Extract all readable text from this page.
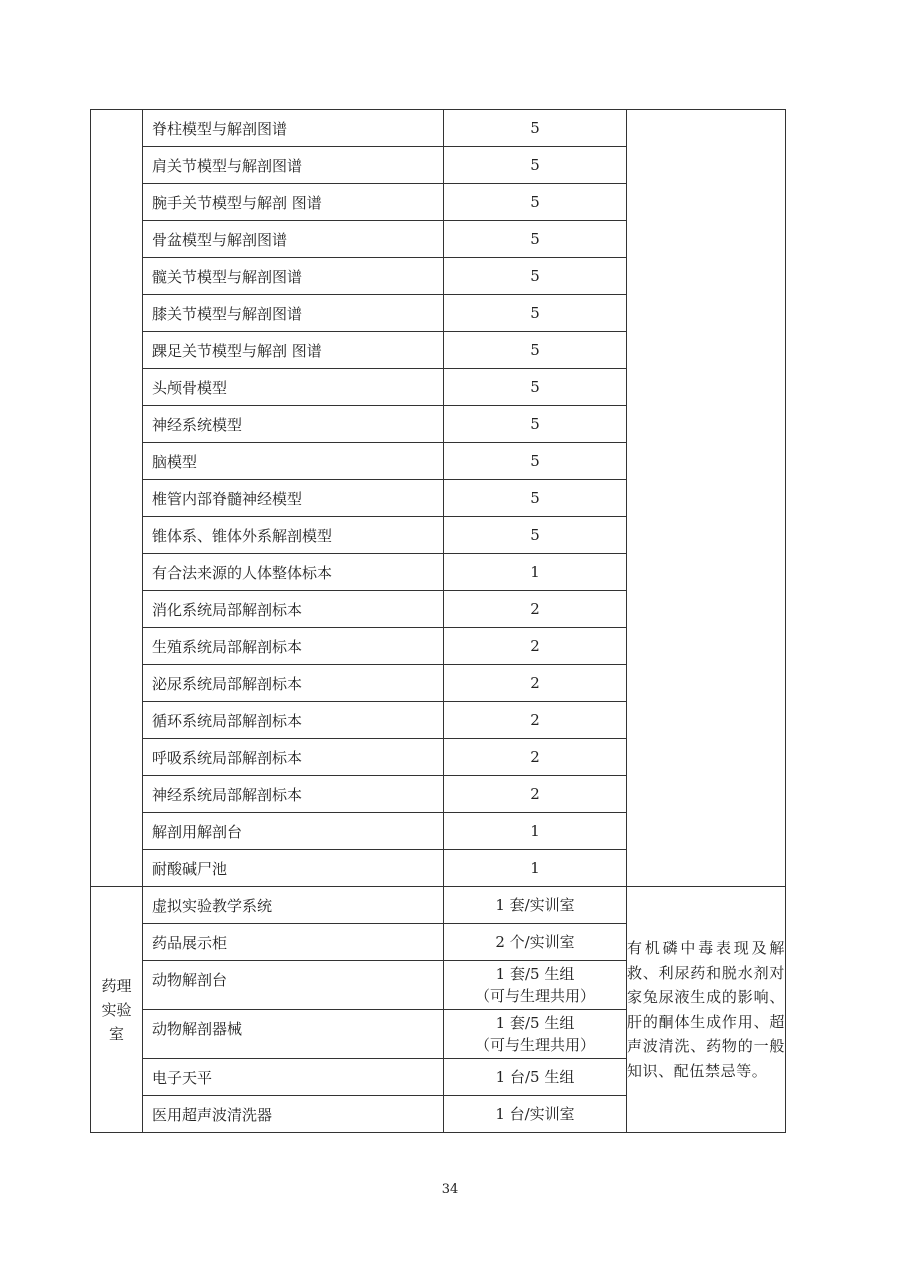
	脊柱模型与解剖图谱	5	
	肩关节模型与解剖图谱	5	
	腕手关节模型与解剖 图谱	5	
	骨盆模型与解剖图谱	5	
	髋关节模型与解剖图谱	5	
	膝关节模型与解剖图谱	5	
	踝足关节模型与解剖 图谱	5	
	头颅骨模型	5	
	神经系统模型	5	
	脑模型	5	
	椎管内部脊髓神经模型	5	
	锥体系、锥体外系解剖模型	5	
	有合法来源的人体整体标本	1	
	消化系统局部解剖标本	2	
	生殖系统局部解剖标本	2	
	泌尿系统局部解剖标本	2	
	循环系统局部解剖标本	2	
	呼吸系统局部解剖标本	2	
	神经系统局部解剖标本	2	
	解剖用解剖台	1	
	耐酸碱尸池	1	

药理
实验
室	虚拟实验教学系统	1 套/实训室	有机磷中毒表现及解救、利尿药和脱水剂对家兔尿液生成的影响、肝的酮体生成作用、超声波清洗、药物的一般知识、配伍禁忌等。
	药品展示柜	2 个/实训室	

	动物解剖台	1 套/5 生组
（可与生理共用）	

	动物解剖器械	1 套/5 生组
（可与生理共用）	

	电子天平	1 台/5 生组	

	医用超声波清洗器	1 台/实训室	
34
